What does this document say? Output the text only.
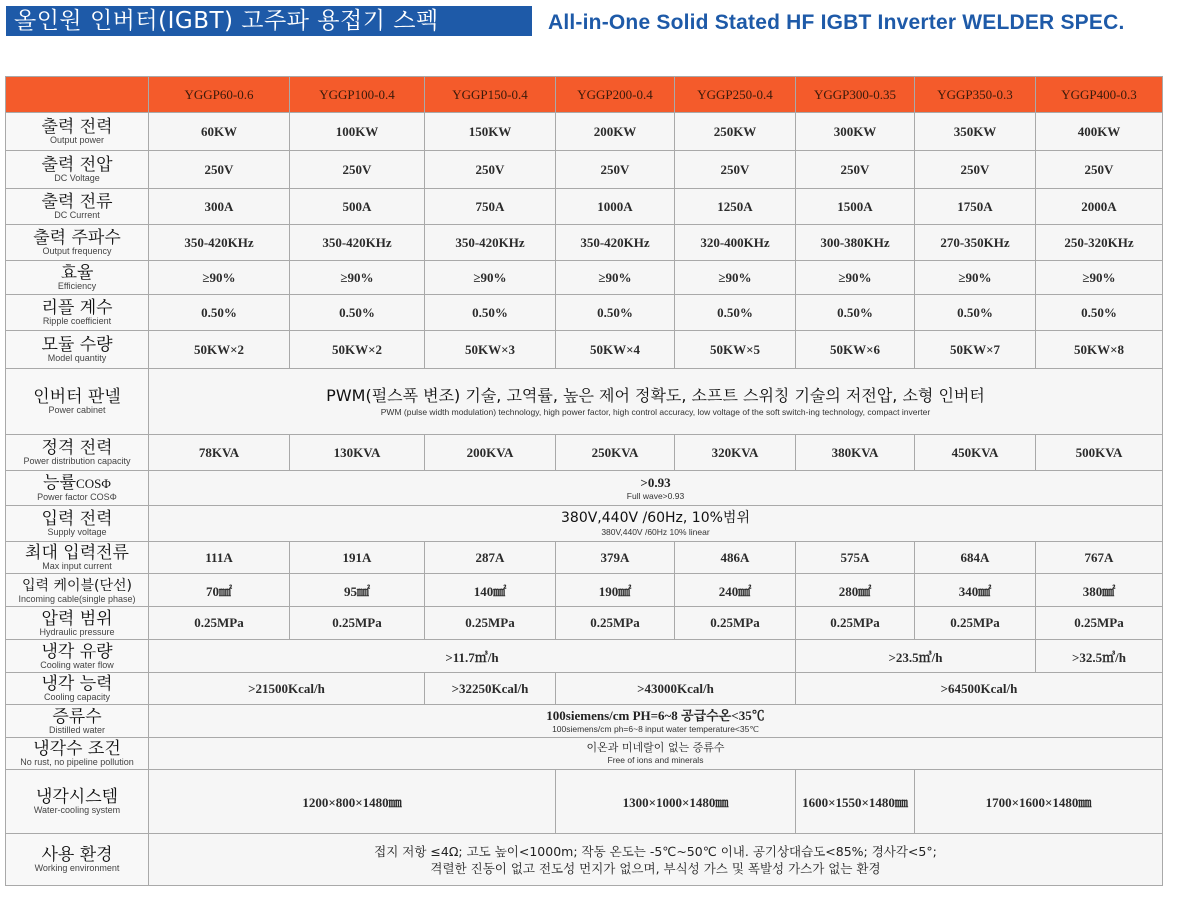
올인원 인버터(IGBT) 고주파 용접기 스펙	All-in-One Solid Stated HF IGBT Inverter WELDER SPEC.
	YGGP60-0.6	YGGP100-0.4	YGGP150-0.4	YGGP200-0.4	YGGP250-0.4	YGGP300-0.35	YGGP350-0.3	YGGP400-0.3	

출력 전력
Output power	60KW	100KW	150KW	200KW	250KW	300KW	350KW	400KW	

출력 전압
DC Voltage	250V	250V	250V	250V	250V	250V	250V	250V	

출력 전류
DC Current	300A	500A	750A	1000A	1250A	1500A	1750A	2000A	

출력 주파수
Output frequency	350-420KHz	350-420KHz	350-420KHz	350-420KHz	320-400KHz	300-380KHz	270-350KHz	250-320KHz	

효율
Efficiency	≥90%	≥90%	≥90%	≥90%	≥90%	≥90%	≥90%	≥90%	

리플 계수
Ripple coefficient	0.50%	0.50%	0.50%	0.50%	0.50%	0.50%	0.50%	0.50%	

모듈 수량
Model quantity	50KW×2	50KW×2	50KW×3	50KW×4	50KW×5	50KW×6	50KW×7	50KW×8	

인버터 판넬
Power cabinet	PWM(펄스폭 변조) 기술, 고역률, 높은 제어 정확도, 소프트 스위칭 기술의 저전압, 소형 인버터
PWM (pulse width modulation) technology, high power factor, high control accuracy, low voltage of the soft switch-ing technology, compact inverter								

정격 전력
Power distribution capacity	78KVA	130KVA	200KVA	250KVA	320KVA	380KVA	450KVA	500KVA	

능률COSΦ
Power factor COSΦ	>0.93
Full wave>0.93								

입력 전력
Supply voltage	380V,440V /60Hz, 10%범위
380V,440V /60Hz 10% linear								

최대 입력전류
Max input current	111A	191A	287A	379A	486A	575A	684A	767A	

입력 케이블(단선)
Incoming cable(single phase)	70㎟	95㎟	140㎟	190㎟	240㎟	280㎟	340㎟	380㎟	

압력 범위
Hydraulic pressure	0.25MPa	0.25MPa	0.25MPa	0.25MPa	0.25MPa	0.25MPa	0.25MPa	0.25MPa	

냉각 유량
Cooling water flow	>11.7㎥/h					>23.5㎥/h		>32.5㎥/h	

냉각 능력
Cooling capacity	>21500Kcal/h		>32250Kcal/h	>43000Kcal/h		>64500Kcal/h	

증류수
Distilled water	100siemens/cm PH=6~8 공급수온<35℃
100siemens/cm ph=6~8 input water temperature<35℃								

냉각수 조건
No rust, no pipeline pollution	이온과 미네랄이 없는 증류수
Free of ions and minerals								

냉각시스템
Water-cooling system	1200×800×1480㎜			1300×1000×1480㎜		1600×1550×1480㎜	1700×1600×1480㎜		

사용 환경
Working environment	접지 저항 ≤4Ω; 고도 높이<1000m; 작동 온도는 -5℃~50℃ 이내. 공기상대습도<85%; 경사각<5°;
격렬한 진동이 없고 전도성 먼지가 없으며, 부식성 가스 및 폭발성 가스가 없는 환경								
